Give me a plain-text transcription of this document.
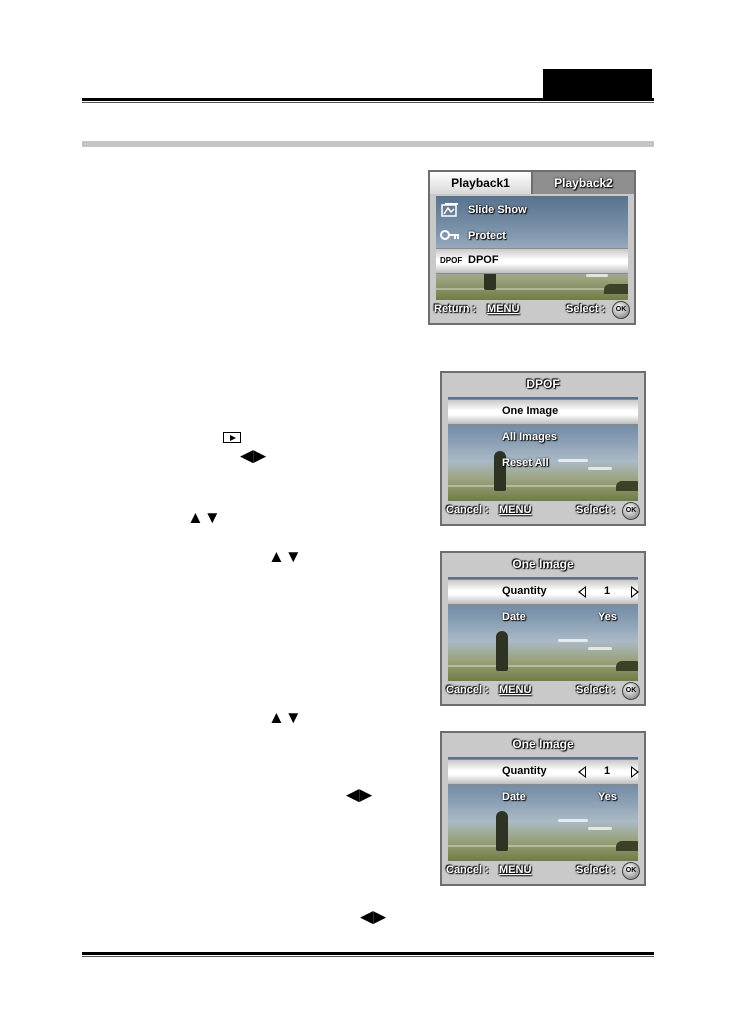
◀▶
▲▼
▲▼
▲▼
◀▶
◀▶
Playback1	Playback2
Slide Show
Protect
DPOF DPOF
Return : MENU	Select :	OK
DPOF
One Image
All Images
Reset All
Cancel : MENU	Select :	OK
One Image
Quantity	1
Date	Yes
Cancel : MENU	Select :	OK
One Image
Quantity	1
Date	Yes
Cancel : MENU	Select :	OK
